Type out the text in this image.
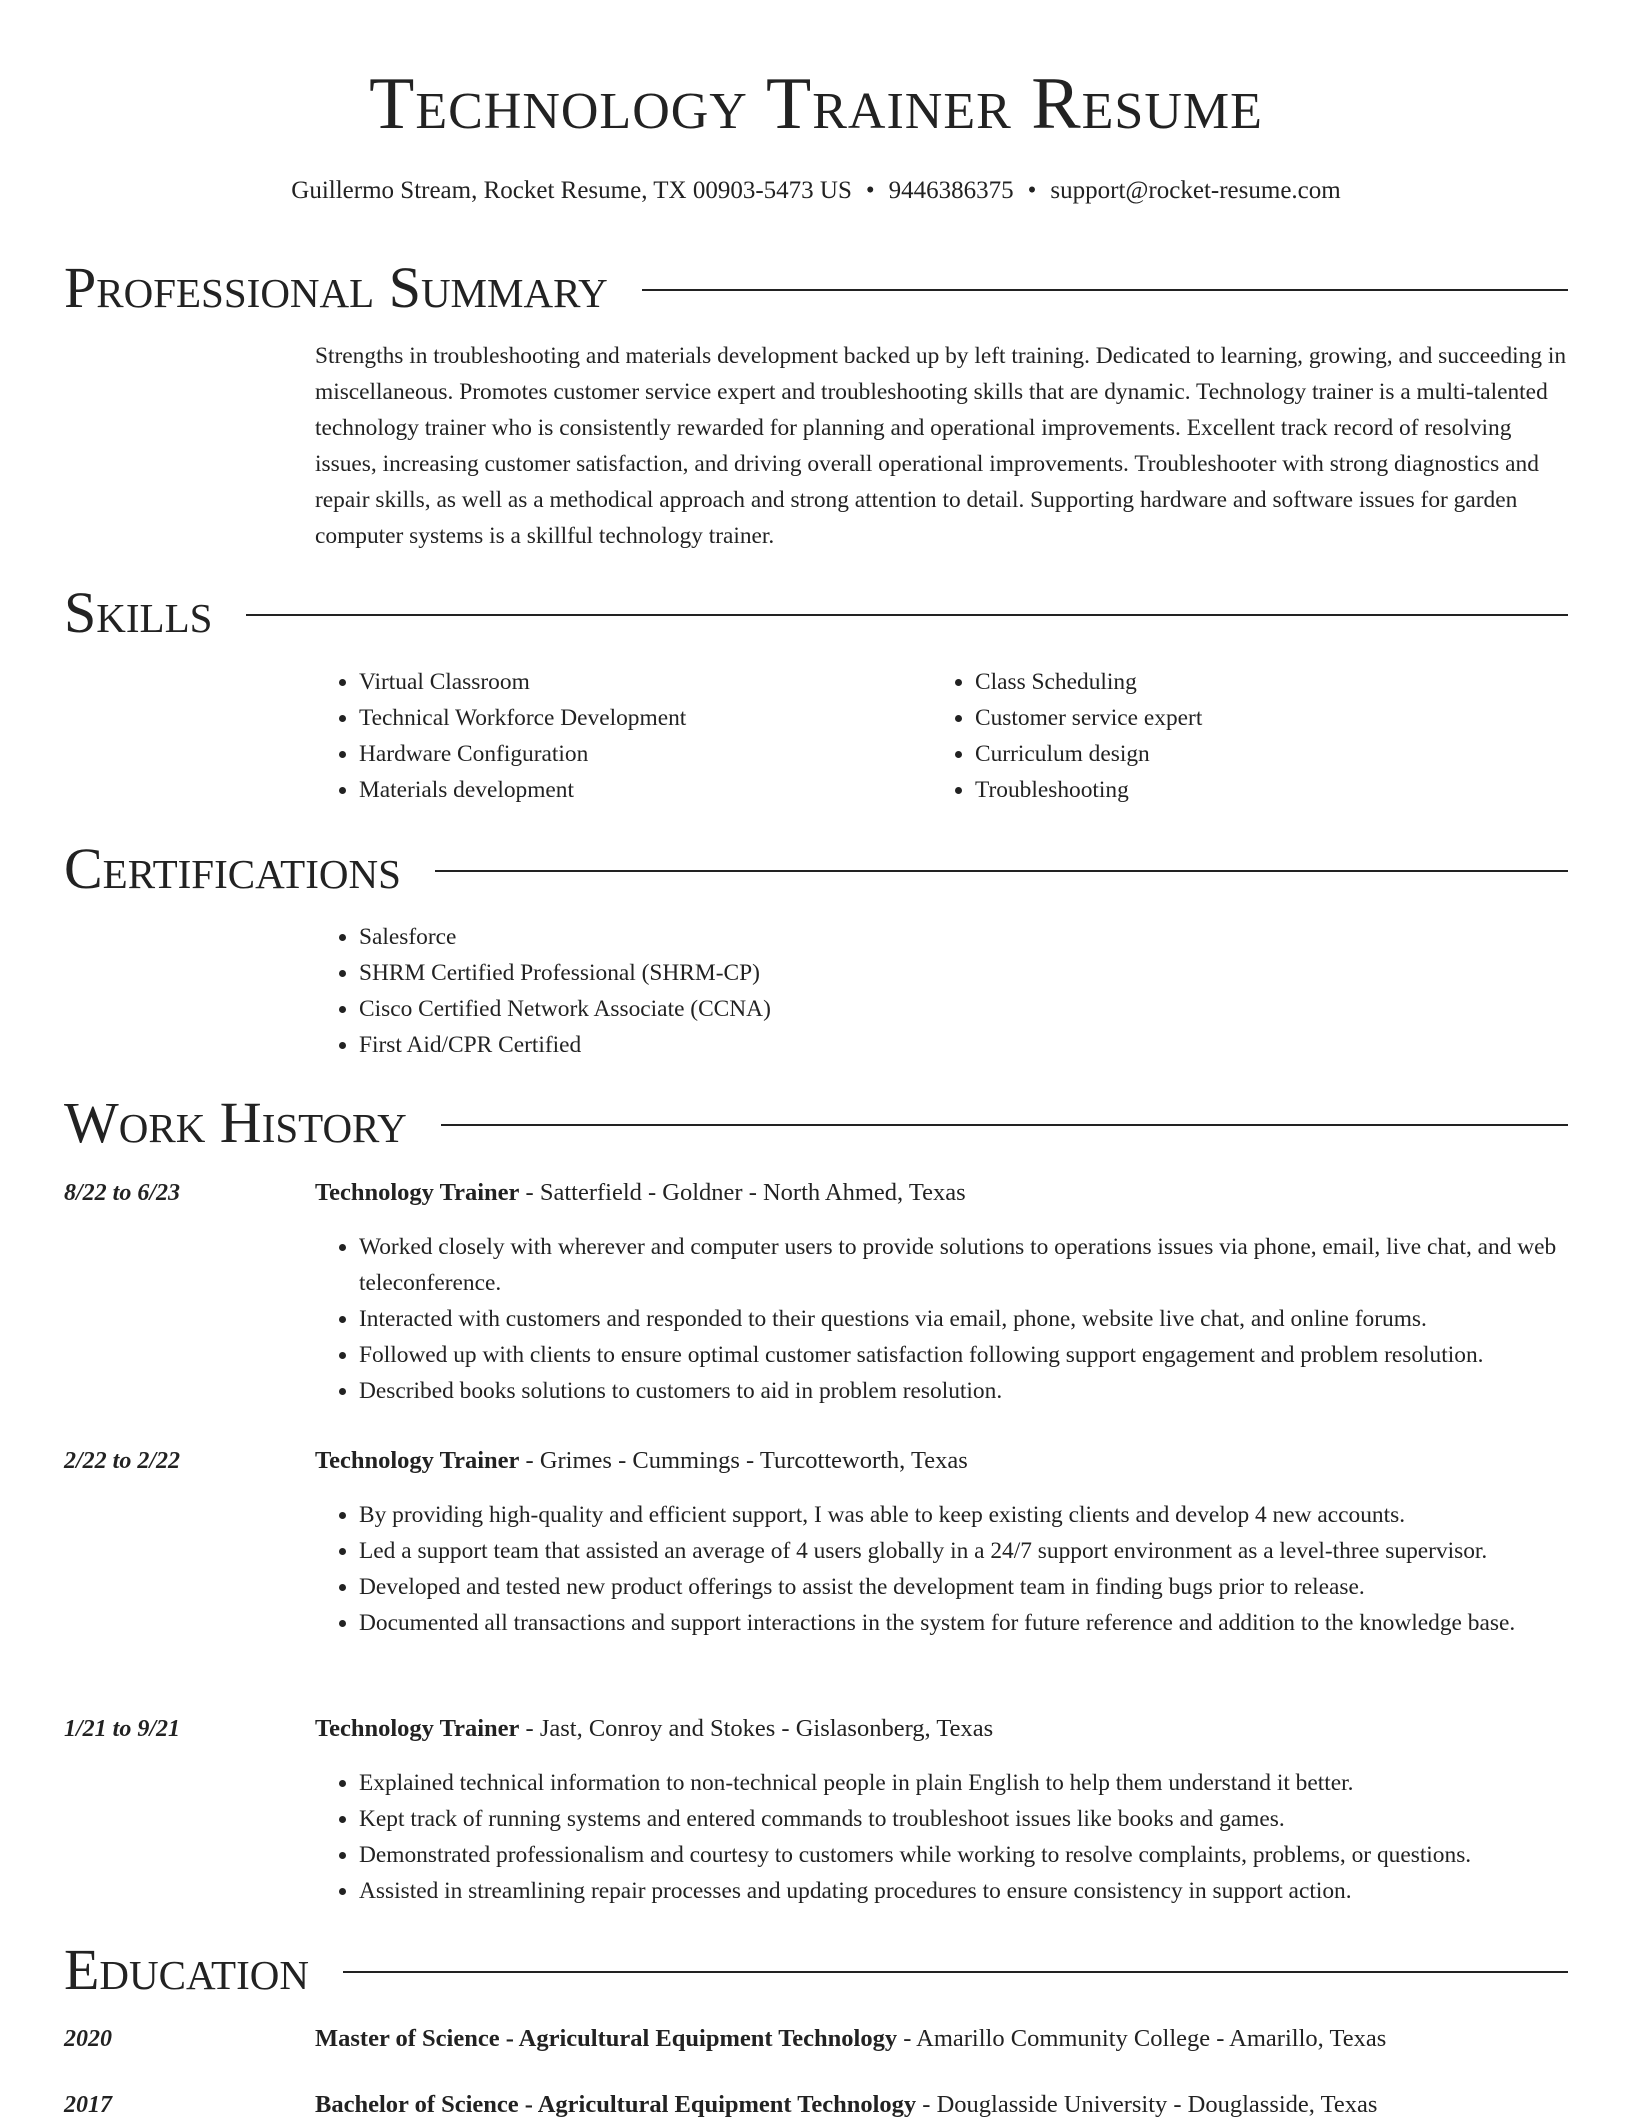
Technology Trainer Resume
Guillermo Stream, Rocket Resume, TX 00903-5473 US • 9446386375 • support@rocket-resume.com
Professional Summary
Strengths in troubleshooting and materials development backed up by left training. Dedicated to learning, growing, and succeeding in miscellaneous. Promotes customer service expert and troubleshooting skills that are dynamic. Technology trainer is a multi-talented technology trainer who is consistently rewarded for planning and operational improvements. Excellent track record of resolving issues, increasing customer satisfaction, and driving overall operational improvements. Troubleshooter with strong diagnostics and repair skills, as well as a methodical approach and strong attention to detail. Supporting hardware and software issues for garden computer systems is a skillful technology trainer.
Skills
• Virtual Classroom
• Technical Workforce Development
• Hardware Configuration
• Materials development
• Class Scheduling
• Customer service expert
• Curriculum design
• Troubleshooting
Certifications
• Salesforce
• SHRM Certified Professional (SHRM-CP)
• Cisco Certified Network Associate (CCNA)
• First Aid/CPR Certified
Work History
8/22 to 6/23	Technology Trainer - Satterfield - Goldner - North Ahmed, Texas
• Worked closely with wherever and computer users to provide solutions to operations issues via phone, email, live chat, and web teleconference.
• Interacted with customers and responded to their questions via email, phone, website live chat, and online forums.
• Followed up with clients to ensure optimal customer satisfaction following support engagement and problem resolution.
• Described books solutions to customers to aid in problem resolution.
2/22 to 2/22	Technology Trainer - Grimes - Cummings - Turcotteworth, Texas
• By providing high-quality and efficient support, I was able to keep existing clients and develop 4 new accounts.
• Led a support team that assisted an average of 4 users globally in a 24/7 support environment as a level-three supervisor.
• Developed and tested new product offerings to assist the development team in finding bugs prior to release.
• Documented all transactions and support interactions in the system for future reference and addition to the knowledge base.
1/21 to 9/21	Technology Trainer - Jast, Conroy and Stokes - Gislasonberg, Texas
• Explained technical information to non-technical people in plain English to help them understand it better.
• Kept track of running systems and entered commands to troubleshoot issues like books and games.
• Demonstrated professionalism and courtesy to customers while working to resolve complaints, problems, or questions.
• Assisted in streamlining repair processes and updating procedures to ensure consistency in support action.
Education
2020	Master of Science - Agricultural Equipment Technology - Amarillo Community College - Amarillo, Texas
2017	Bachelor of Science - Agricultural Equipment Technology - Douglasside University - Douglasside, Texas
